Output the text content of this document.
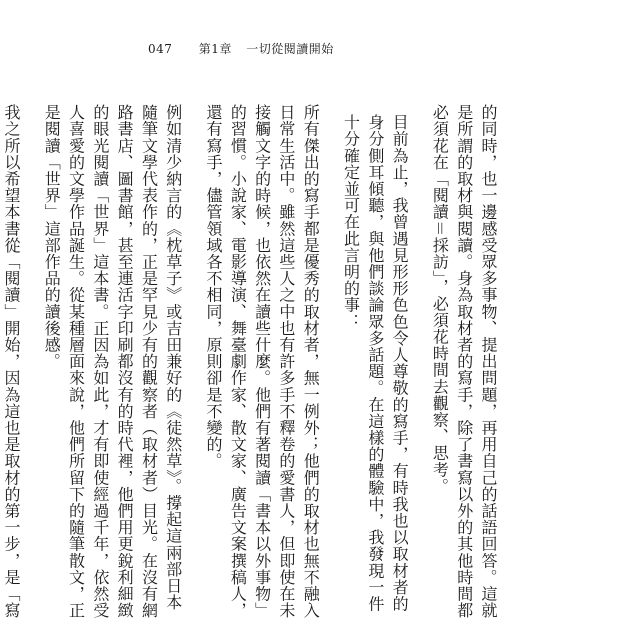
047 第1章 一切從閱讀開始

的同時，也一邊感受眾多事物、提出問題，再用自己的話語回答。這就是所謂的取材與閱讀。身為取材者的寫手，除了書寫以外的其他時間都必須花在「閱讀＝採訪」，必須花時間去觀察、思考。

目前為止，我曾遇見形形色色令人尊敬的寫手，有時我也以取材者的身分側耳傾聽，與他們談論眾多話題。在這樣的體驗中，我發現一件十分確定並可在此言明的事：

所有傑出的寫手都是優秀的取材者，無一例外；他們的取材也無不融入日常生活中。雖然這些人之中也有許多手不釋卷的愛書人，但即使在未接觸文字的時候，也依然在讀些什麼。他們有著閱讀「書本以外事物」的習慣。小說家、電影導演、舞臺劇作家、散文家、廣告文案撰稿人，還有寫手，儘管領域各不相同，原則卻是不變的。

例如清少納言的《枕草子》或吉田兼好的《徒然草》。撐起這兩部日本隨筆文學代表作的，正是罕見少有的觀察者（取材者）目光。在沒有網路書店、圖書館，甚至連活字印刷都沒有的時代裡，他們用更銳利細緻的眼光閱讀「世界」這本書。正因為如此，才有即使經過千年，依然受人喜愛的文學作品誕生。從某種層面來說，他們所留下的隨筆散文，正是閱讀「世界」這部作品的讀後感。

我之所以希望本書從「閱讀」開始，因為這也是取材的第一步，是「寫
